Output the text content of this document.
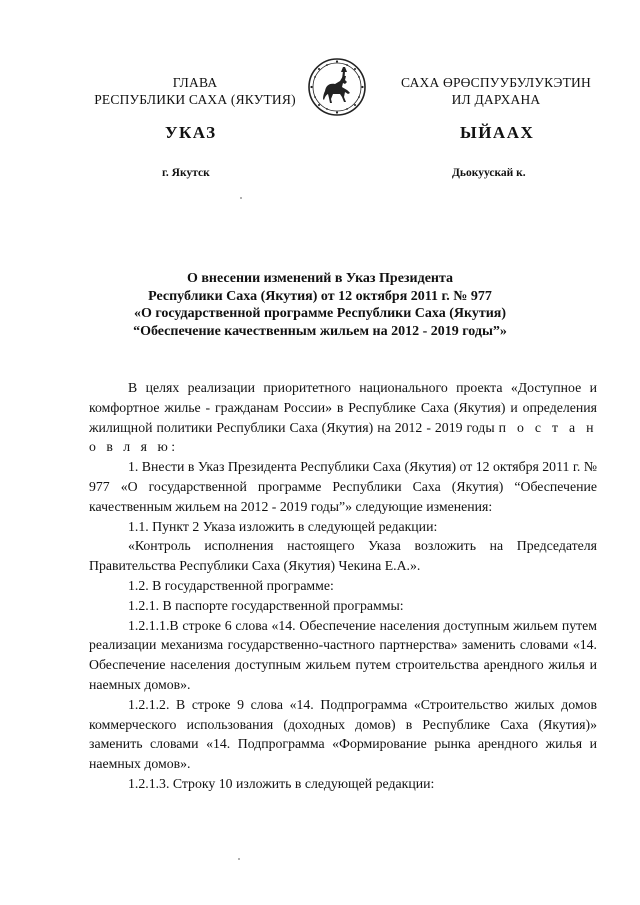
ГЛАВА
РЕСПУБЛИКИ САХА (ЯКУТИЯ)
САХА ӨРӨСПУУБУЛУКЭТИН
ИЛ ДАРХАНА
УКАЗ	ЫЙААХ
г. Якутск	Дьокуускай к.
О внесении изменений в Указ Президента
Республики Саха (Якутия) от 12 октября 2011 г. № 977
«О государственной программе Республики Саха (Якутия)
“Обеспечение качественным жильем на 2012 - 2019 годы”»

В целях реализации приоритетного национального проекта «Доступное и комфортное жилье - гражданам России» в Республике Саха (Якутия) и определения жилищной политики Республики Саха (Якутия) на 2012 - 2019 годы п о с т а н о в л я ю:

1. Внести в Указ Президента Республики Саха (Якутия) от 12 октября 2011 г. № 977 «О государственной программе Республики Саха (Якутия) “Обеспечение качественным жильем на 2012 - 2019 годы”» следующие изменения:

1.1. Пункт 2 Указа изложить в следующей редакции:

«Контроль исполнения настоящего Указа возложить на Председателя Правительства Республики Саха (Якутия) Чекина Е.А.».

1.2. В государственной программе:

1.2.1. В паспорте государственной программы:

1.2.1.1.В строке 6 слова «14. Обеспечение населения доступным жильем путем реализации механизма государственно-частного партнерства» заменить словами «14. Обеспечение населения доступным жильем путем строительства арендного жилья и наемных домов».

1.2.1.2. В строке 9 слова «14. Подпрограмма «Строительство жилых домов коммерческого использования (доходных домов) в Республике Саха (Якутия)» заменить словами «14. Подпрограмма «Формирование рынка арендного жилья и наемных домов».

1.2.1.3. Строку 10 изложить в следующей редакции:
